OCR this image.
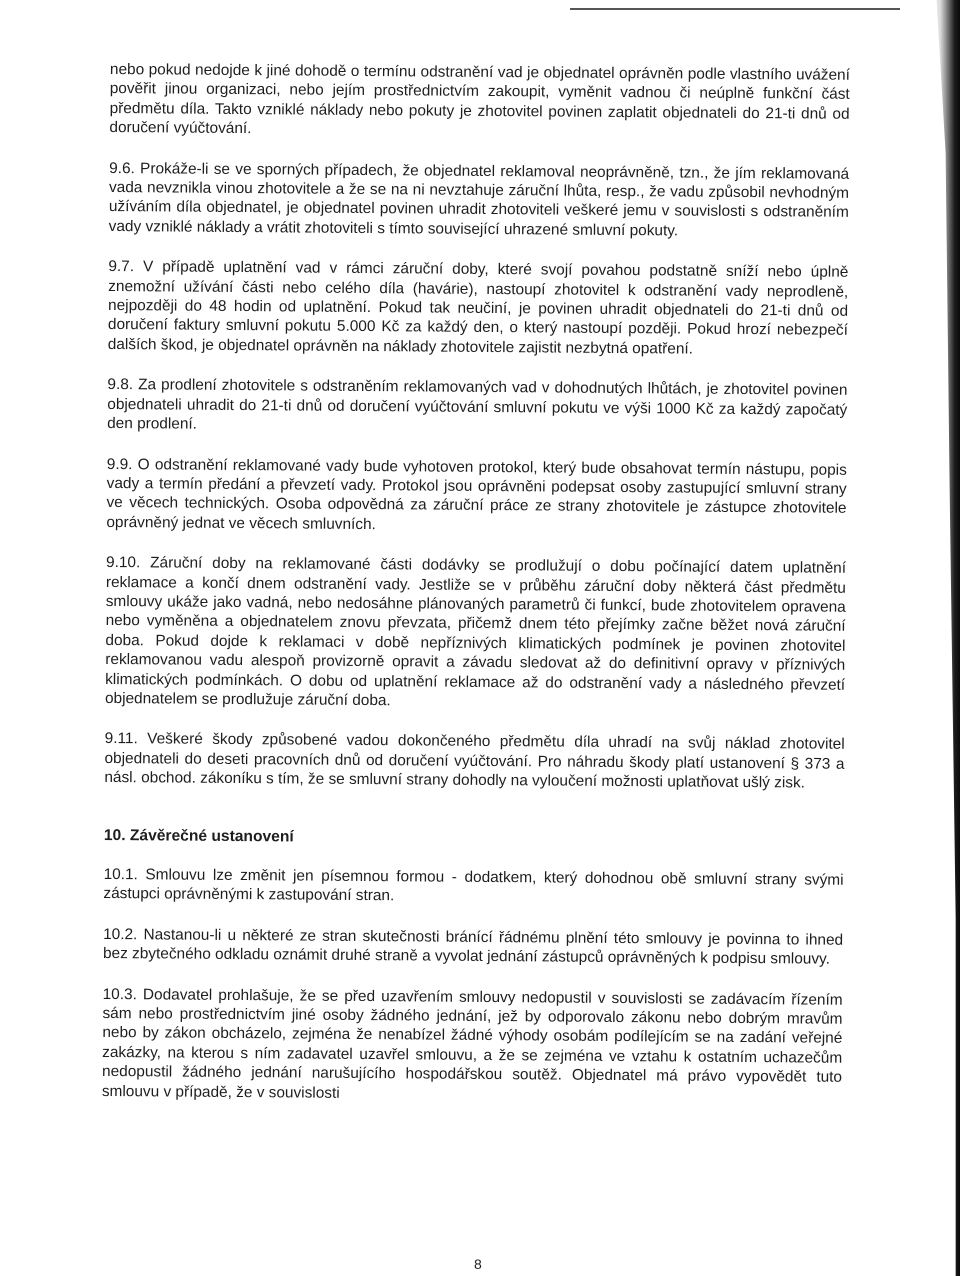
nebo pokud nedojde k jiné dohodě o termínu odstranění vad je objednatel oprávněn podle vlastního uvážení pověřit jinou organizaci, nebo jejím prostřednictvím zakoupit, vyměnit vadnou či neúplně funkční část předmětu díla. Takto vzniklé náklady nebo pokuty je zhotovitel povinen zaplatit objednateli do 21-ti dnů od doručení vyúčtování.

9.6. Prokáže-li se ve sporných případech, že objednatel reklamoval neoprávněně, tzn., že jím reklamovaná vada nevznikla vinou zhotovitele a že se na ni nevztahuje záruční lhůta, resp., že vadu způsobil nevhodným užíváním díla objednatel, je objednatel povinen uhradit zhotoviteli veškeré jemu v souvislosti s odstraněním vady vzniklé náklady a vrátit zhotoviteli s tímto související uhrazené smluvní pokuty.

9.7. V případě uplatnění vad v rámci záruční doby, které svojí povahou podstatně sníží nebo úplně znemožní užívání části nebo celého díla (havárie), nastoupí zhotovitel k odstranění vady neprodleně, nejpozději do 48 hodin od uplatnění. Pokud tak neučiní, je povinen uhradit objednateli do 21-ti dnů od doručení faktury smluvní pokutu 5.000 Kč za každý den, o který nastoupí později. Pokud hrozí nebezpečí dalších škod, je objednatel oprávněn na náklady zhotovitele zajistit nezbytná opatření.

9.8. Za prodlení zhotovitele s odstraněním reklamovaných vad v dohodnutých lhůtách, je zhotovitel povinen objednateli uhradit do 21-ti dnů od doručení vyúčtování smluvní pokutu ve výši 1000 Kč za každý započatý den prodlení.

9.9. O odstranění reklamované vady bude vyhotoven protokol, který bude obsahovat termín nástupu, popis vady a termín předání a převzetí vady. Protokol jsou oprávněni podepsat osoby zastupující smluvní strany ve věcech technických. Osoba odpovědná za záruční práce ze strany zhotovitele je zástupce zhotovitele oprávněný jednat ve věcech smluvních.

9.10. Záruční doby na reklamované části dodávky se prodlužují o dobu počínající datem uplatnění reklamace a končí dnem odstranění vady. Jestliže se v průběhu záruční doby některá část předmětu smlouvy ukáže jako vadná, nebo nedosáhne plánovaných parametrů či funkcí, bude zhotovitelem opravena nebo vyměněna a objednatelem znovu převzata, přičemž dnem této přejímky začne běžet nová záruční doba. Pokud dojde k reklamaci v době nepříznivých klimatických podmínek je povinen zhotovitel reklamovanou vadu alespoň provizorně opravit a závadu sledovat až do definitivní opravy v příznivých klimatických podmínkách. O dobu od uplatnění reklamace až do odstranění vady a následného převzetí objednatelem se prodlužuje záruční doba.

9.11. Veškeré škody způsobené vadou dokončeného předmětu díla uhradí na svůj náklad zhotovitel objednateli do deseti pracovních dnů od doručení vyúčtování. Pro náhradu škody platí ustanovení § 373 a násl. obchod. zákoníku s tím, že se smluvní strany dohodly na vyloučení možnosti uplatňovat ušlý zisk.

10. Závěrečné ustanovení

10.1. Smlouvu lze změnit jen písemnou formou - dodatkem, který dohodnou obě smluvní strany svými zástupci oprávněnými k zastupování stran.

10.2. Nastanou-li u některé ze stran skutečnosti bránící řádnému plnění této smlouvy je povinna to ihned bez zbytečného odkladu oznámit druhé straně a vyvolat jednání zástupců oprávněných k podpisu smlouvy.

10.3. Dodavatel prohlašuje, že se před uzavřením smlouvy nedopustil v souvislosti se zadávacím řízením sám nebo prostřednictvím jiné osoby žádného jednání, jež by odporovalo zákonu nebo dobrým mravům nebo by zákon obcházelo, zejména že nenabízel žádné výhody osobám podílejícím se na zadání veřejné zakázky, na kterou s ním zadavatel uzavřel smlouvu, a že se zejména ve vztahu k ostatním uchazečům nedopustil žádného jednání narušujícího hospodářskou soutěž. Objednatel má právo vypovědět tuto smlouvu v případě, že v souvislosti

8
